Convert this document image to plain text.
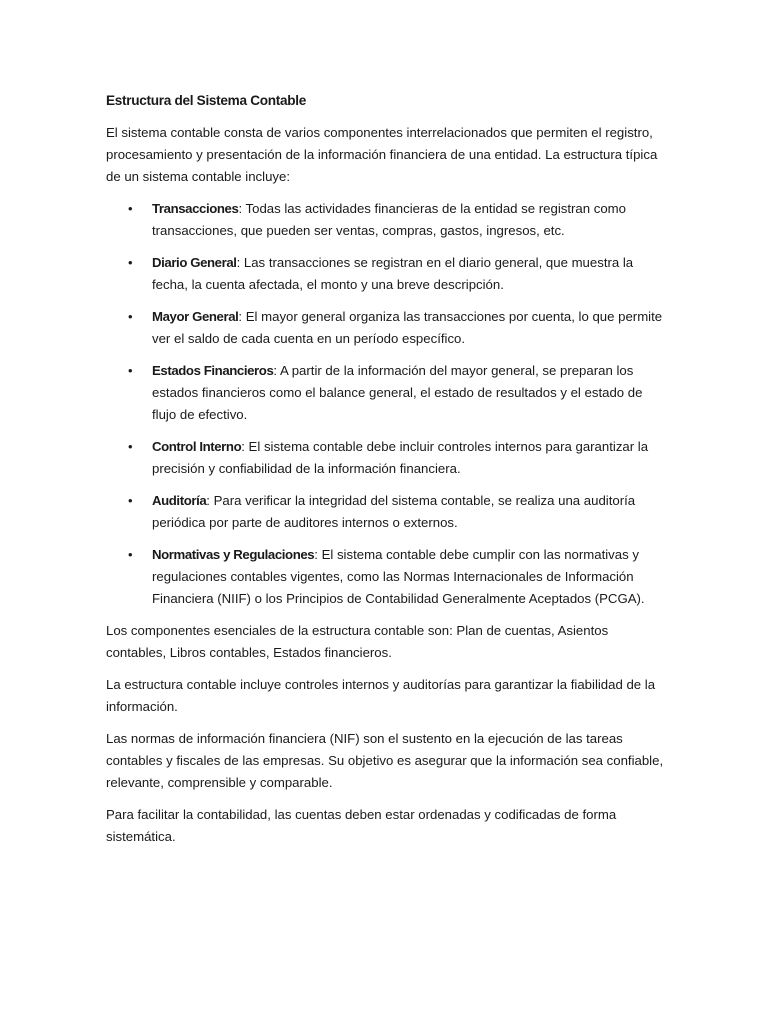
Estructura del Sistema Contable

El sistema contable consta de varios componentes interrelacionados que permiten el registro, procesamiento y presentación de la información financiera de una entidad. La estructura típica de un sistema contable incluye:

• Transacciones: Todas las actividades financieras de la entidad se registran como transacciones, que pueden ser ventas, compras, gastos, ingresos, etc.
• Diario General: Las transacciones se registran en el diario general, que muestra la fecha, la cuenta afectada, el monto y una breve descripción.
• Mayor General: El mayor general organiza las transacciones por cuenta, lo que permite ver el saldo de cada cuenta en un período específico.
• Estados Financieros: A partir de la información del mayor general, se preparan los estados financieros como el balance general, el estado de resultados y el estado de flujo de efectivo.
• Control Interno: El sistema contable debe incluir controles internos para garantizar la precisión y confiabilidad de la información financiera.
• Auditoría: Para verificar la integridad del sistema contable, se realiza una auditoría periódica por parte de auditores internos o externos.
• Normativas y Regulaciones: El sistema contable debe cumplir con las normativas y regulaciones contables vigentes, como las Normas Internacionales de Información Financiera (NIIF) o los Principios de Contabilidad Generalmente Aceptados (PCGA).

Los componentes esenciales de la estructura contable son: Plan de cuentas, Asientos contables, Libros contables, Estados financieros.

La estructura contable incluye controles internos y auditorías para garantizar la fiabilidad de la información.

Las normas de información financiera (NIF) son el sustento en la ejecución de las tareas contables y fiscales de las empresas. Su objetivo es asegurar que la información sea confiable, relevante, comprensible y comparable.

Para facilitar la contabilidad, las cuentas deben estar ordenadas y codificadas de forma sistemática.
